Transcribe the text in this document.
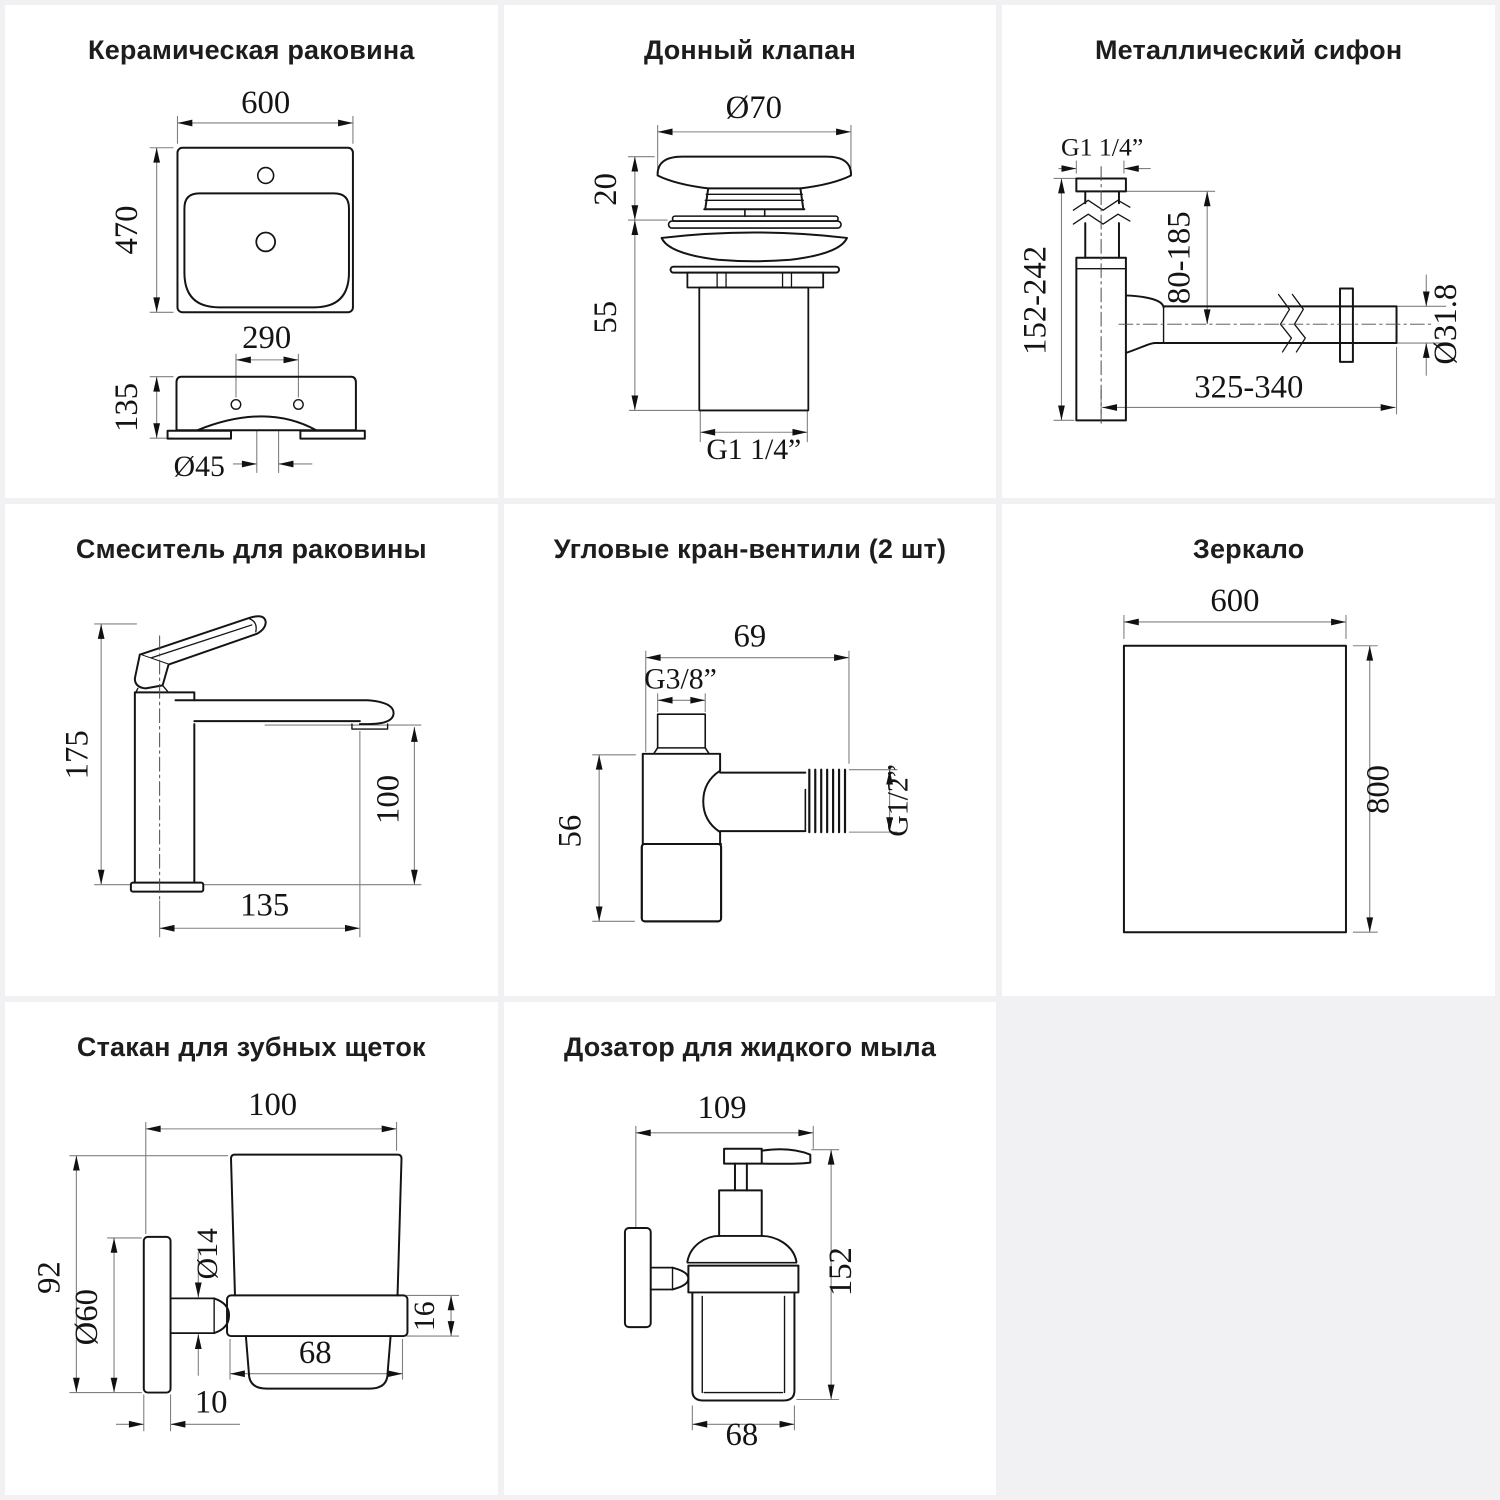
Керамическая раковина
600
470
290
135
Ø45
Донный клапан
Ø70
20
55
G1 1/4”
Металлический сифон
G1 1/4”
152-242	80-185
Ø31.8
325-340
Смеситель для раковины
175
100
135
Угловые кран-вентили (2 шт)
69
G3/8”
56	G1/2”
Зеркало
600
800
Стакан для зубных щеток
100
92
Ø60
Ø14
16
68
10
Дозатор для жидкого мыла
109
152
68
